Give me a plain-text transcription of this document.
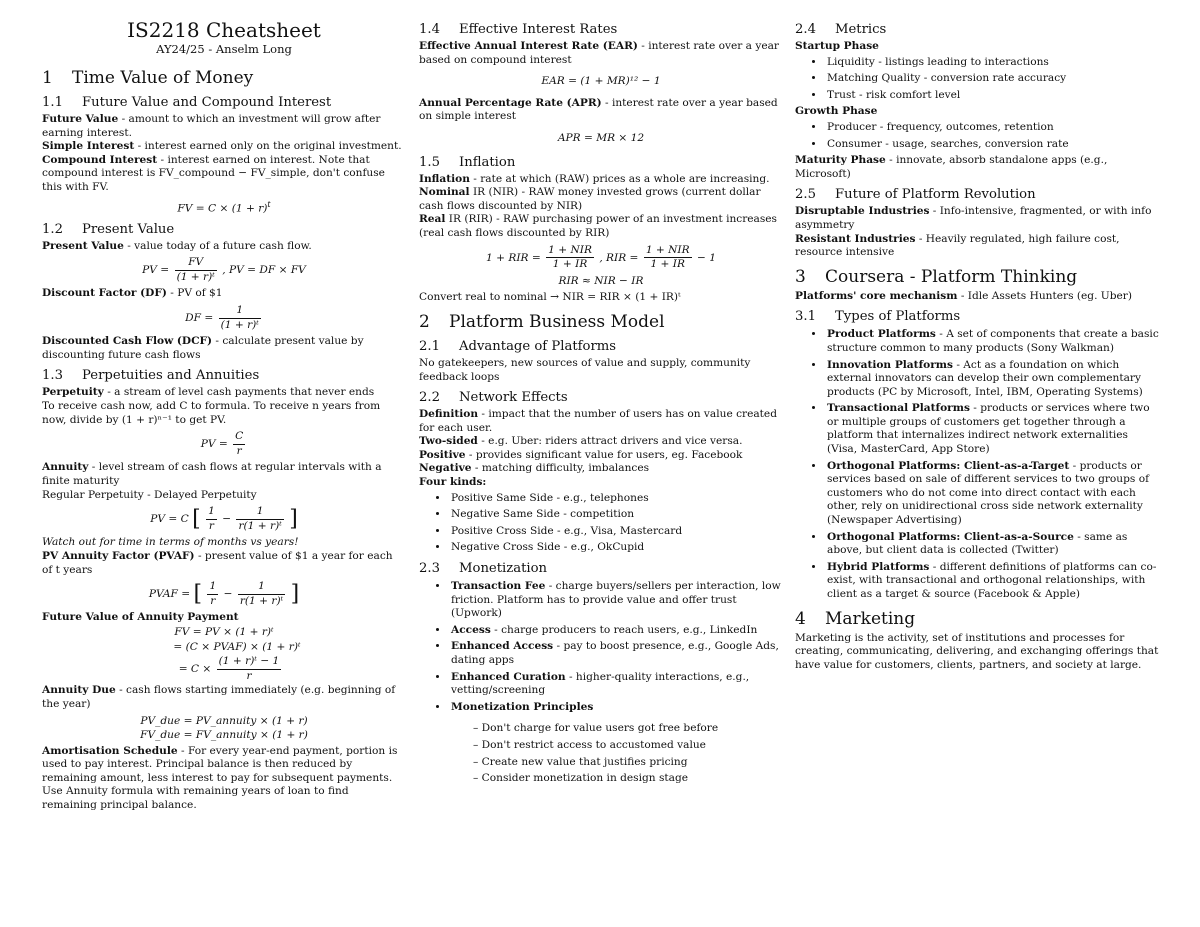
IS2218 Cheatsheet
AY24/25 - Anselm Long
1 Time Value of Money
1.1 Future Value and Compound Interest

Future Value - amount to which an investment will grow after earning interest.

Simple Interest - interest earned only on the original investment.

Compound Interest - interest earned on interest. Note that compound interest is FV_compound − FV_simple, don't confuse this with FV.

FV = $C \times (1 + r)^t$
1.2 Present Value

Present Value - value today of a future cash flow.

PV = $\frac{FV}{\text{(1 + r)ᵗ}}$ , PV = DF × FV

Discount Factor (DF) - PV of $1

DF = $\frac{1}{\text{(1 + r)ᵗ}}$

Discounted Cash Flow (DCF) - calculate present value by discounting future cash flows

1.3 Perpetuities and Annuities

Perpetuity - a stream of level cash payments that never ends

To receive cash now, add C to formula. To receive n years from now, divide by (1 + r)ⁿ⁻¹ to get PV.

PV = $\frac{C}{r}$

Annuity - level stream of cash flows at regular intervals with a finite maturity

Regular Perpetuity - Delayed Perpetuity

PV = C [ $\frac{1}{r} - \frac{1}{\text{r(1 + r)ᵗ}}$ ]

Watch out for time in terms of months vs years!

PV Annuity Factor (PVAF) - present value of $1 a year for each of t years

PVAF = [ $\frac{1}{r} - \frac{1}{\text{r(1 + r)ᵗ}}$ ]

Future Value of Annuity Payment

FV = PV × (1 + r)ᵗ
= (C × PVAF) × (1 + r)ᵗ
= $C \times \frac{\text{(1 + r)ᵗ − 1}}{r}$

Annuity Due - cash flows starting immediately (e.g. beginning of the year)

PV_due = PV_annuity × (1 + r)
FV_due = FV_annuity × (1 + r)

Amortisation Schedule - For every year-end payment, portion is used to pay interest. Principal balance is then reduced by remaining amount, less interest to pay for subsequent payments.

Use Annuity formula with remaining years of loan to find remaining principal balance.

1.4 Effective Interest Rates

Effective Annual Interest Rate (EAR) - interest rate over a year based on compound interest

EAR = (1 + MR)¹² − 1

Annual Percentage Rate (APR) - interest rate over a year based on simple interest

APR = MR × 12
1.5 Inflation

Inflation - rate at which (RAW) prices as a whole are increasing.

Nominal IR (NIR) - RAW money invested grows (current dollar cash flows discounted by NIR)

Real IR (RIR) - RAW purchasing power of an investment increases (real cash flows discounted by RIR)

1 + RIR = $\frac{\text{1 + NIR}}{1 + IR}$ , RIR = $\frac{\text{1 + NIR}}{1 + IR} - 1$
RIR ≈ NIR − IR

Convert real to nominal → NIR = RIR × (1 + IR)ᵗ

2 Platform Business Model
2.1 Advantage of Platforms

No gatekeepers, new sources of value and supply, community feedback loops

2.2 Network Effects

Definition - impact that the number of users has on value created for each user.

Two-sided - e.g. Uber: riders attract drivers and vice versa.

Positive - provides significant value for users, eg. Facebook

Negative - matching difficulty, imbalances

Four kinds:

• Positive Same Side - e.g., telephones
• Negative Same Side - competition
• Positive Cross Side - e.g., Visa, Mastercard
• Negative Cross Side - e.g., OkCupid
2.3 Monetization
• Transaction Fee - charge buyers/sellers per interaction, low friction. Platform has to provide value and offer trust (Upwork)
• Access - charge producers to reach users, e.g., LinkedIn
• Enhanced Access - pay to boost presence, e.g., Google Ads, dating apps
• Enhanced Curation - higher-quality interactions, e.g., vetting/screening
• Monetization Principles
– Don't charge for value users got free before
– Don't restrict access to accustomed value
– Create new value that justifies pricing
– Consider monetization in design stage
2.4 Metrics

Startup Phase

• Liquidity - listings leading to interactions
• Matching Quality - conversion rate accuracy
• Trust - risk comfort level

Growth Phase

• Producer - frequency, outcomes, retention
• Consumer - usage, searches, conversion rate

Maturity Phase - innovate, absorb standalone apps (e.g., Microsoft)

2.5 Future of Platform Revolution

Disruptable Industries - Info-intensive, fragmented, or with info asymmetry

Resistant Industries - Heavily regulated, high failure cost, resource intensive

3 Coursera - Platform Thinking

Platforms' core mechanism - Idle Assets Hunters (eg. Uber)

3.1 Types of Platforms
• Product Platforms - A set of components that create a basic structure common to many products (Sony Walkman)
• Innovation Platforms - Act as a foundation on which external innovators can develop their own complementary products (PC by Microsoft, Intel, IBM, Operating Systems)
• Transactional Platforms - products or services where two or multiple groups of customers get together through a platform that internalizes indirect network externalities (Visa, MasterCard, App Store)
• Orthogonal Platforms: Client-as-a-Target - products or services based on sale of different services to two groups of customers who do not come into direct contact with each other, rely on unidirectional cross side network externality (Newspaper Advertising)
• Orthogonal Platforms: Client-as-a-Source - same as above, but client data is collected (Twitter)
• Hybrid Platforms - different definitions of platforms can co-exist, with transactional and orthogonal relationships, with client as a target & source (Facebook & Apple)
4 Marketing

Marketing is the activity, set of institutions and processes for creating, communicating, delivering, and exchanging offerings that have value for customers, clients, partners, and society at large.
